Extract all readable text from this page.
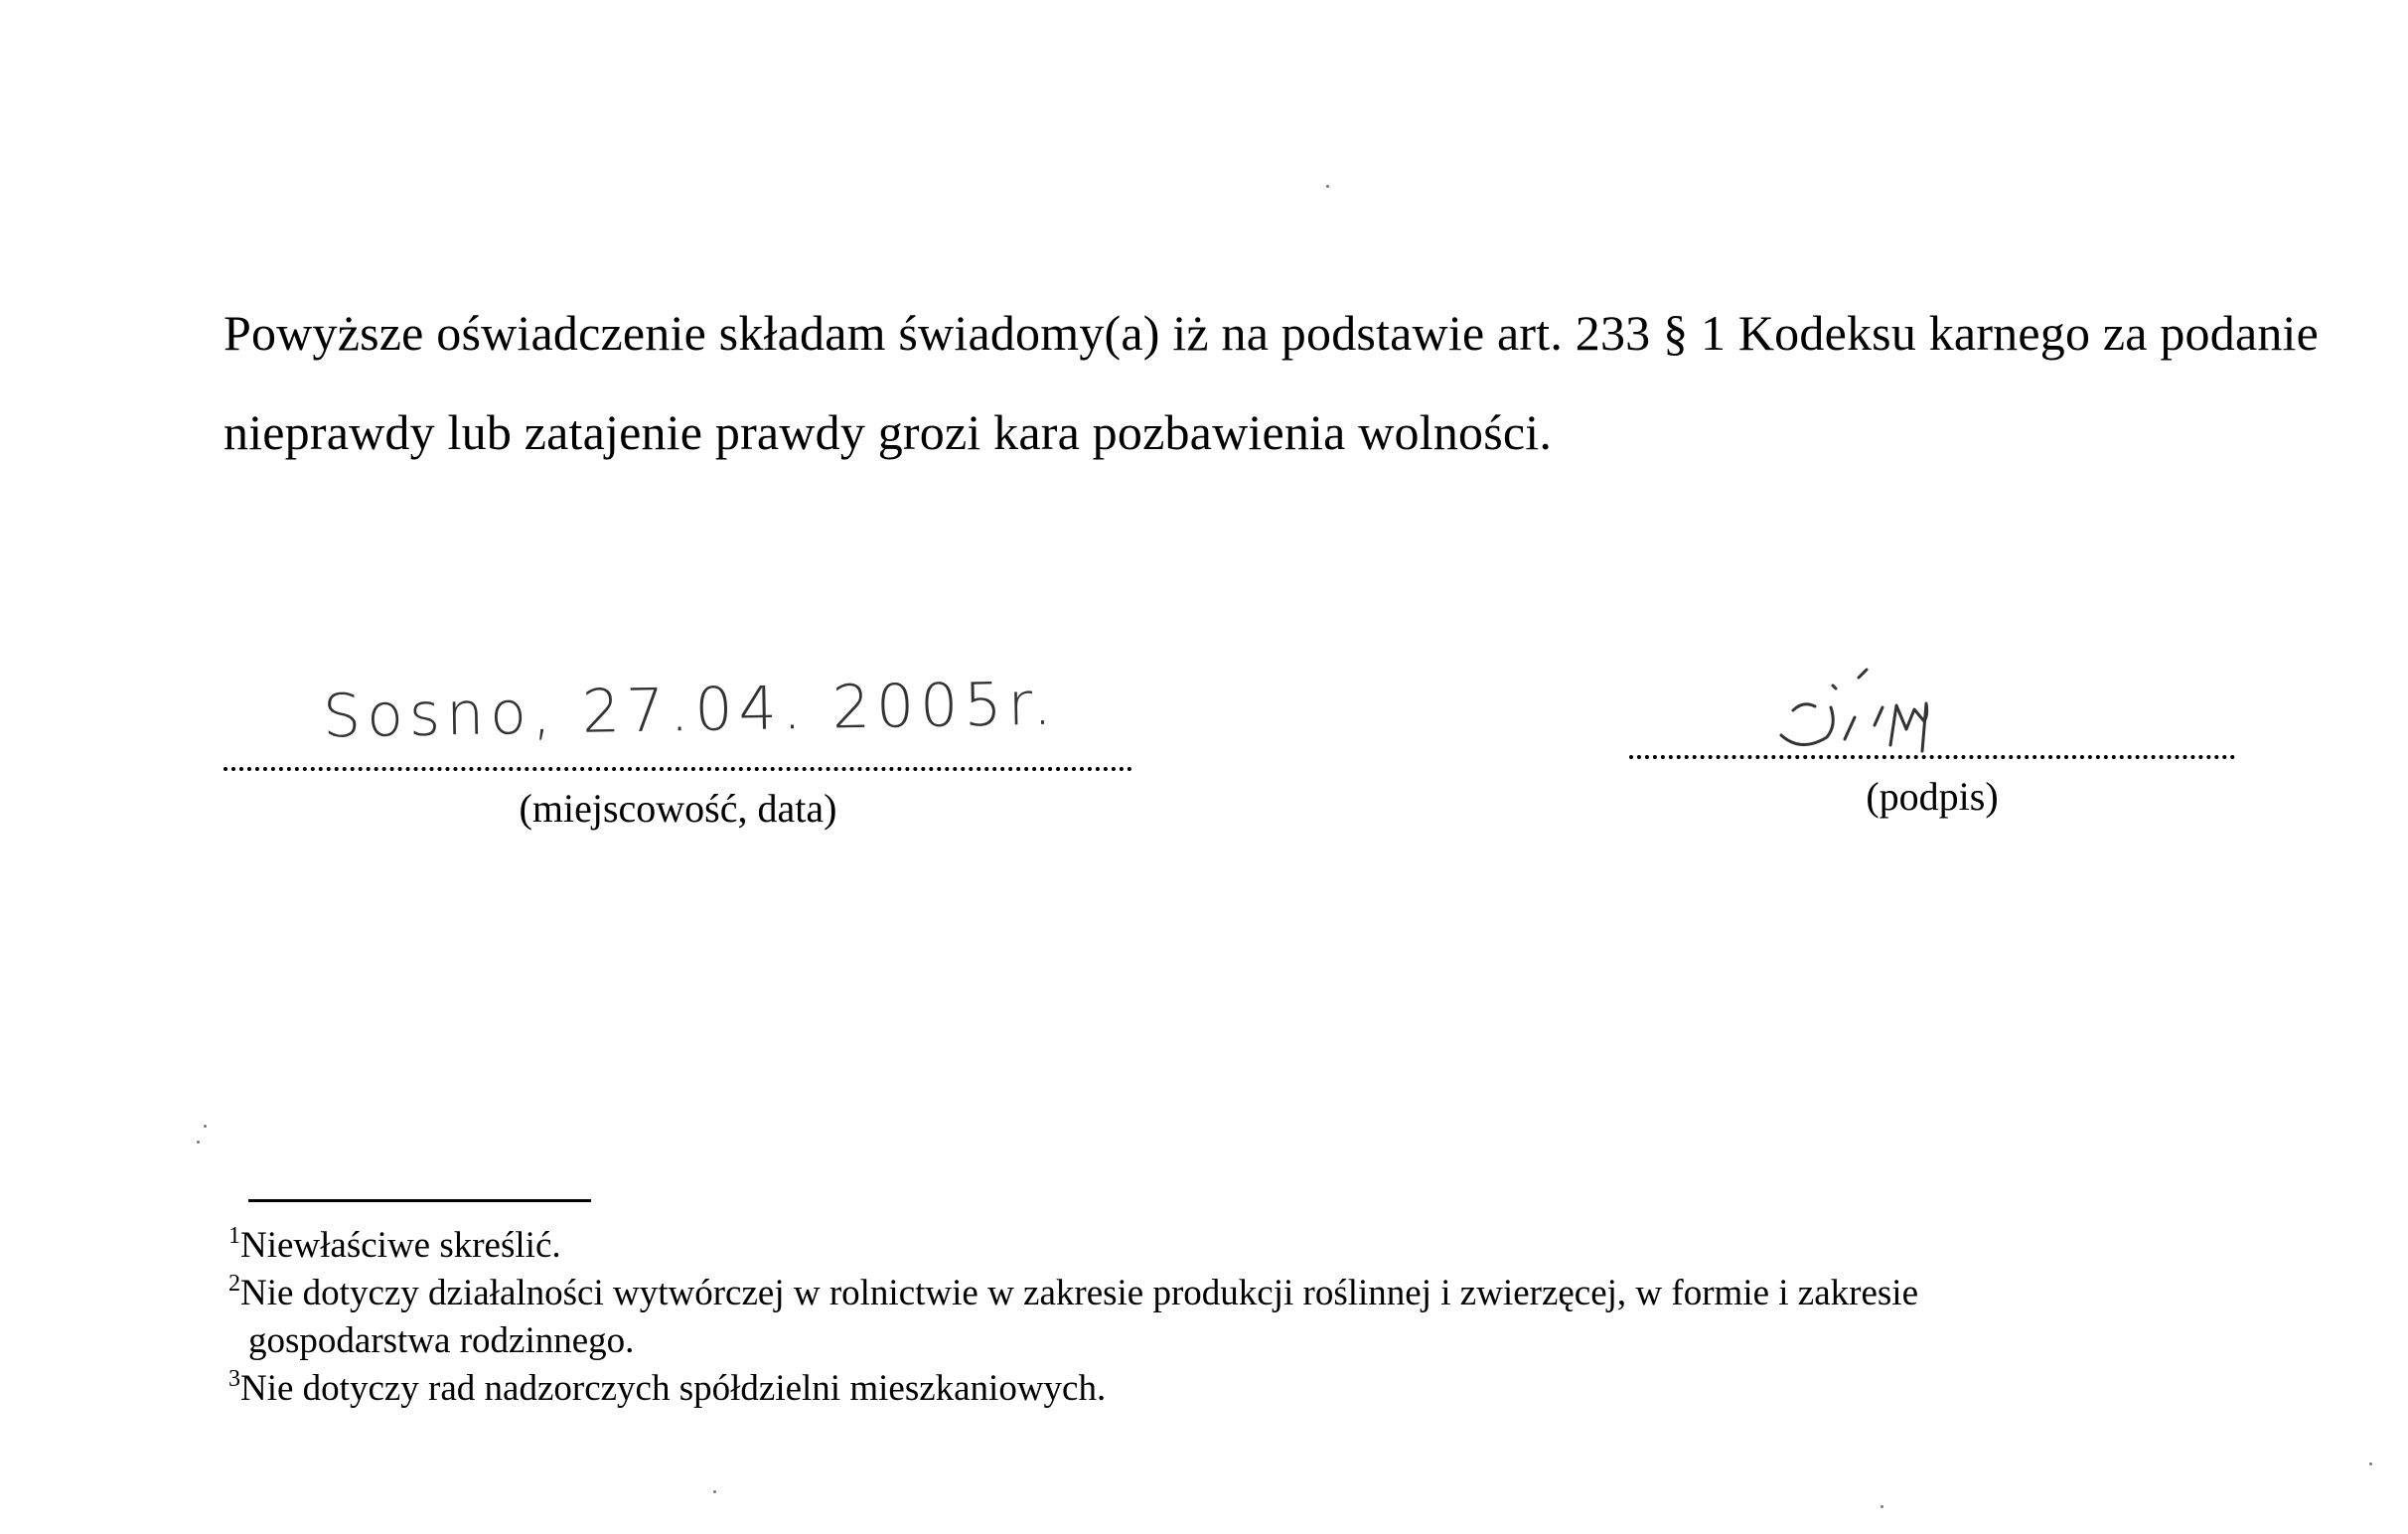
Powyższe oświadczenie składam świadomy(a) iż na podstawie art. 233 § 1 Kodeksu karnego za podanie

nieprawdy lub zatajenie prawdy grozi kara pozbawienia wolności.

Sosno, 27.04. 2005r.
(miejscowość, data)	(podpis)

$^1$Niewłaściwe skreślić.

$^2$Nie dotyczy działalności wytwórczej w rolnictwie w zakresie produkcji roślinnej i zwierzęcej, w formie i zakresie

gospodarstwa rodzinnego.

$^3$Nie dotyczy rad nadzorczych spółdzielni mieszkaniowych.
